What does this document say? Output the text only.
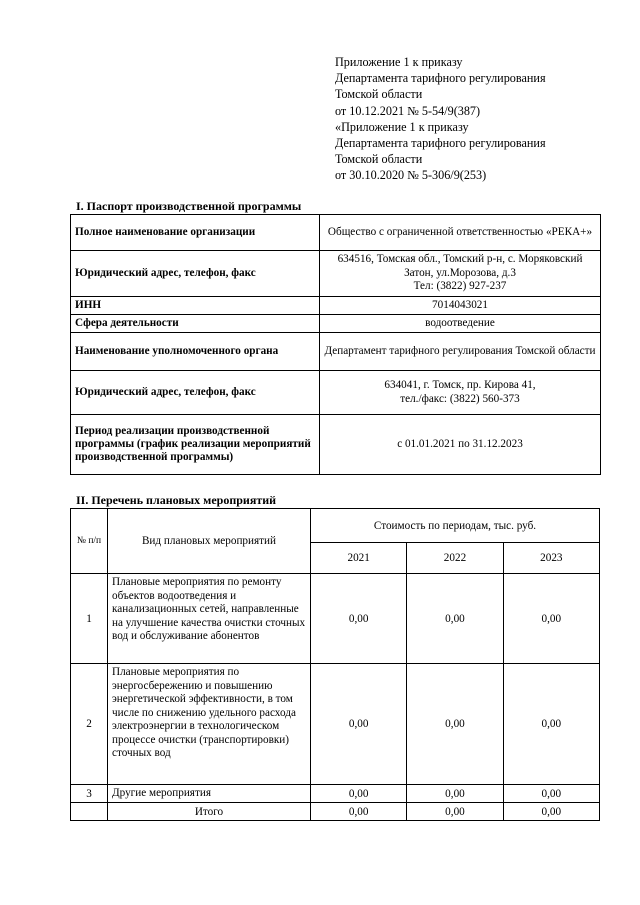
Приложение 1 к приказу
Департамента тарифного регулирования
Томской области
от 10.12.2021 № 5-54/9(387)
«Приложение 1 к приказу
Департамента тарифного регулирования
Томской области
от 30.10.2020 № 5-306/9(253)
I. Паспорт производственной программы
Полное наименование организации	Общество с ограниченной ответственностью «РЕКА+»
Юридический адрес, телефон, факс	634516, Томская обл., Томский р-н, с. Моряковский Затон, ул.Морозова, д.3
Тел: (3822) 927-237

ИНН	7014043021
Сфера деятельности	водоотведение
Наименование уполномоченного органа	Департамент тарифного регулирования Томской области
Юридический адрес, телефон, факс	634041, г. Томск, пр. Кирова 41,
тел./факс: (3822) 560-373

Период реализации производственной программы (график реализации мероприятий производственной программы)	с 01.01.2021 по 31.12.2023
II. Перечень плановых мероприятий
№ п/п	Вид плановых мероприятий	Стоимость по периодам, тыс. руб.		
		2021	2022	2023
1	Плановые мероприятия по ремонту объектов водоотведения и канализационных сетей, направленные на улучшение качества очистки сточных вод и обслуживание абонентов	0,00	0,00	0,00
2	Плановые мероприятия по энергосбережению и повышению энергетической эффективности, в том числе по снижению удельного расхода электроэнергии в технологическом процессе очистки (транспортировки) сточных вод	0,00	0,00	0,00
3	Другие мероприятия	0,00	0,00	0,00
	Итого	0,00	0,00	0,00
